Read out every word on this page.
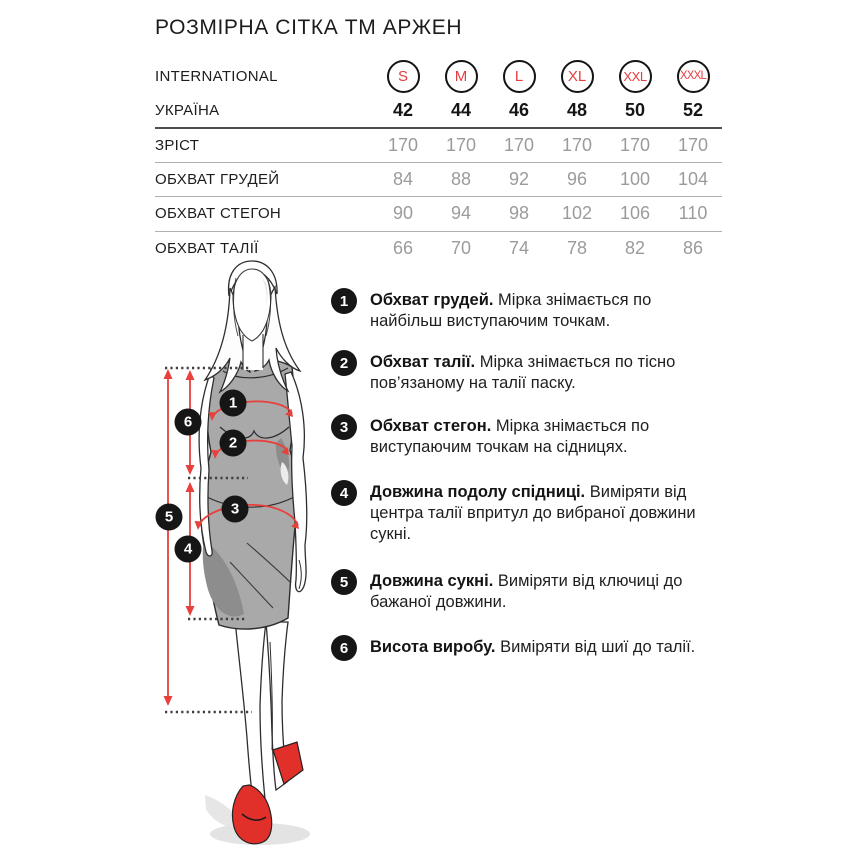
РОЗМІРНА СІТКА ТМ АРЖЕН
INTERNATIONAL	S	M	L	XL	XXL	XXXL
УКРАЇНА	42 44 46 48 50 52
ЗРІСТ	170 170 170 170 170 170
ОБХВАТ ГРУДЕЙ	84 88 92 96 100 104
ОБХВАТ СТЕГОН	90 94 98 102 106 110
ОБХВАТ ТАЛІЇ	66 70 74 78 82 86
1
2
3
4
5
6
1	Обхват грудей. Мірка знімається по найбільш виступаючим точкам.
2	Обхват талії. Мірка знімається по тісно пов’язаному на талії паску.
3	Обхват стегон. Мірка знімається по виступаючим точкам на сідницях.
4	Довжина подолу спідниці. Виміряти від центра талії впритул до вибраної довжини сукні.
5	Довжина сукні. Виміряти від ключиці до бажаної довжини.
6	Висота виробу. Виміряти від шиї до талії.
